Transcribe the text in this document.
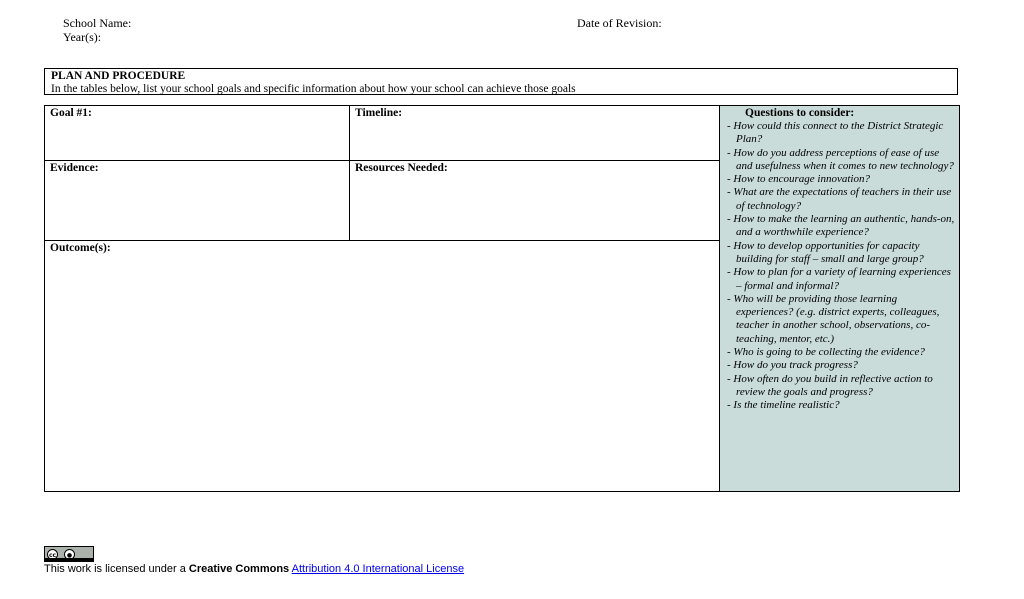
School Name:
Year(s):
Date of Revision:
PLAN AND PROCEDURE
In the tables below, list your school goals and specific information about how your school can achieve those goals
Goal #1:	Timeline:
Evidence:	Resources Needed:
Outcome(s):
Questions to consider:
- How could this connect to the District Strategic Plan?
- How do you address perceptions of ease of use and usefulness when it comes to new technology?
- How to encourage innovation?
- What are the expectations of teachers in their use of technology?
- How to make the learning an authentic, hands-on, and a worthwhile experience?
- How to develop opportunities for capacity building for staff – small and large group?
- How to plan for a variety of learning experiences – formal and informal?
- Who will be providing those learning experiences? (e.g. district experts, colleagues, teacher in another school, observations, co-teaching, mentor, etc.)
- Who is going to be collecting the evidence?
- How do you track progress?
- How often do you build in reflective action to review the goals and progress?
- Is the timeline realistic?
cc	●
This work is licensed under a Creative Commons Attribution 4.0 International License
